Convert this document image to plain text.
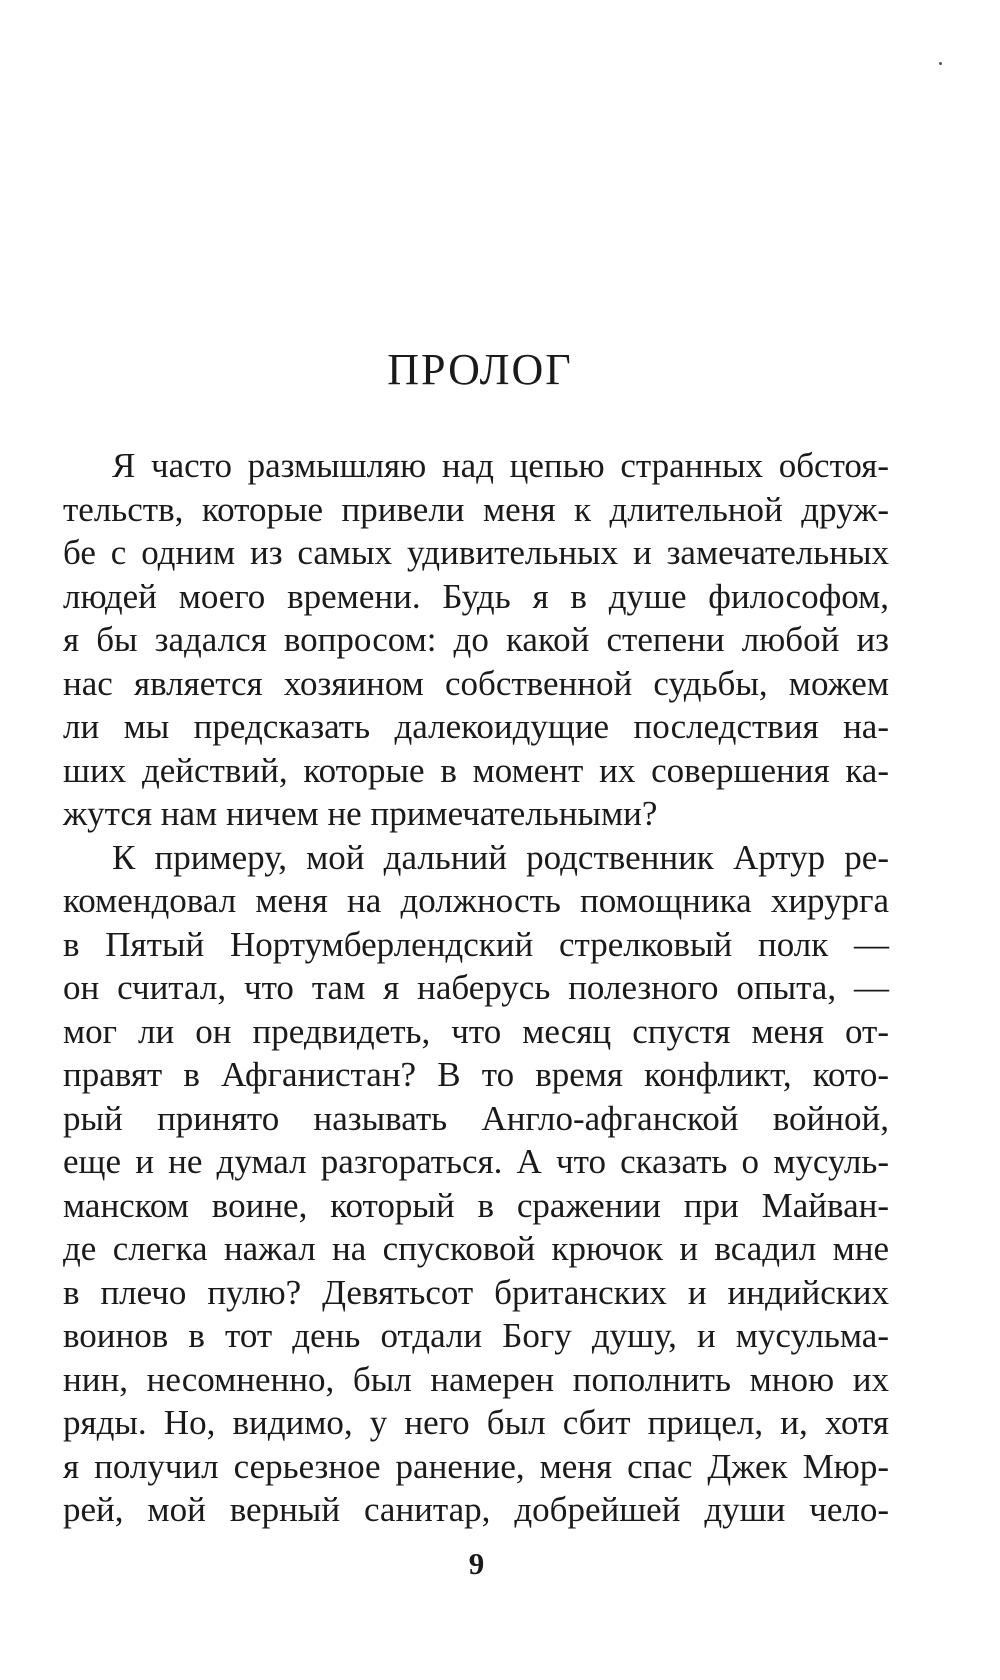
ПРОЛОГ
Я часто размышляю над цепью странных обстоя-
тельств, которые привели меня к длительной друж-
бе с одним из самых удивительных и замечательных
людей моего времени. Будь я в душе философом,
я бы задался вопросом: до какой степени любой из
нас является хозяином собственной судьбы, можем
ли мы предсказать далекоидущие последствия на-
ших действий, которые в момент их совершения ка-
жутся нам ничем не примечательными?
К примеру, мой дальний родственник Артур ре-
комендовал меня на должность помощника хирурга
в Пятый Нортумберлендский стрелковый полк —
он считал, что там я наберусь полезного опыта, —
мог ли он предвидеть, что месяц спустя меня от-
правят в Афганистан? В то время конфликт, кото-
рый принято называть Англо-афганской войной,
еще и не думал разгораться. А что сказать о мусуль-
манском воине, который в сражении при Майван-
де слегка нажал на спусковой крючок и всадил мне
в плечо пулю? Девятьсот британских и индийских
воинов в тот день отдали Богу душу, и мусульма-
нин, несомненно, был намерен пополнить мною их
ряды. Но, видимо, у него был сбит прицел, и, хотя
я получил серьезное ранение, меня спас Джек Мюр-
рей, мой верный санитар, добрейшей души чело-
9
